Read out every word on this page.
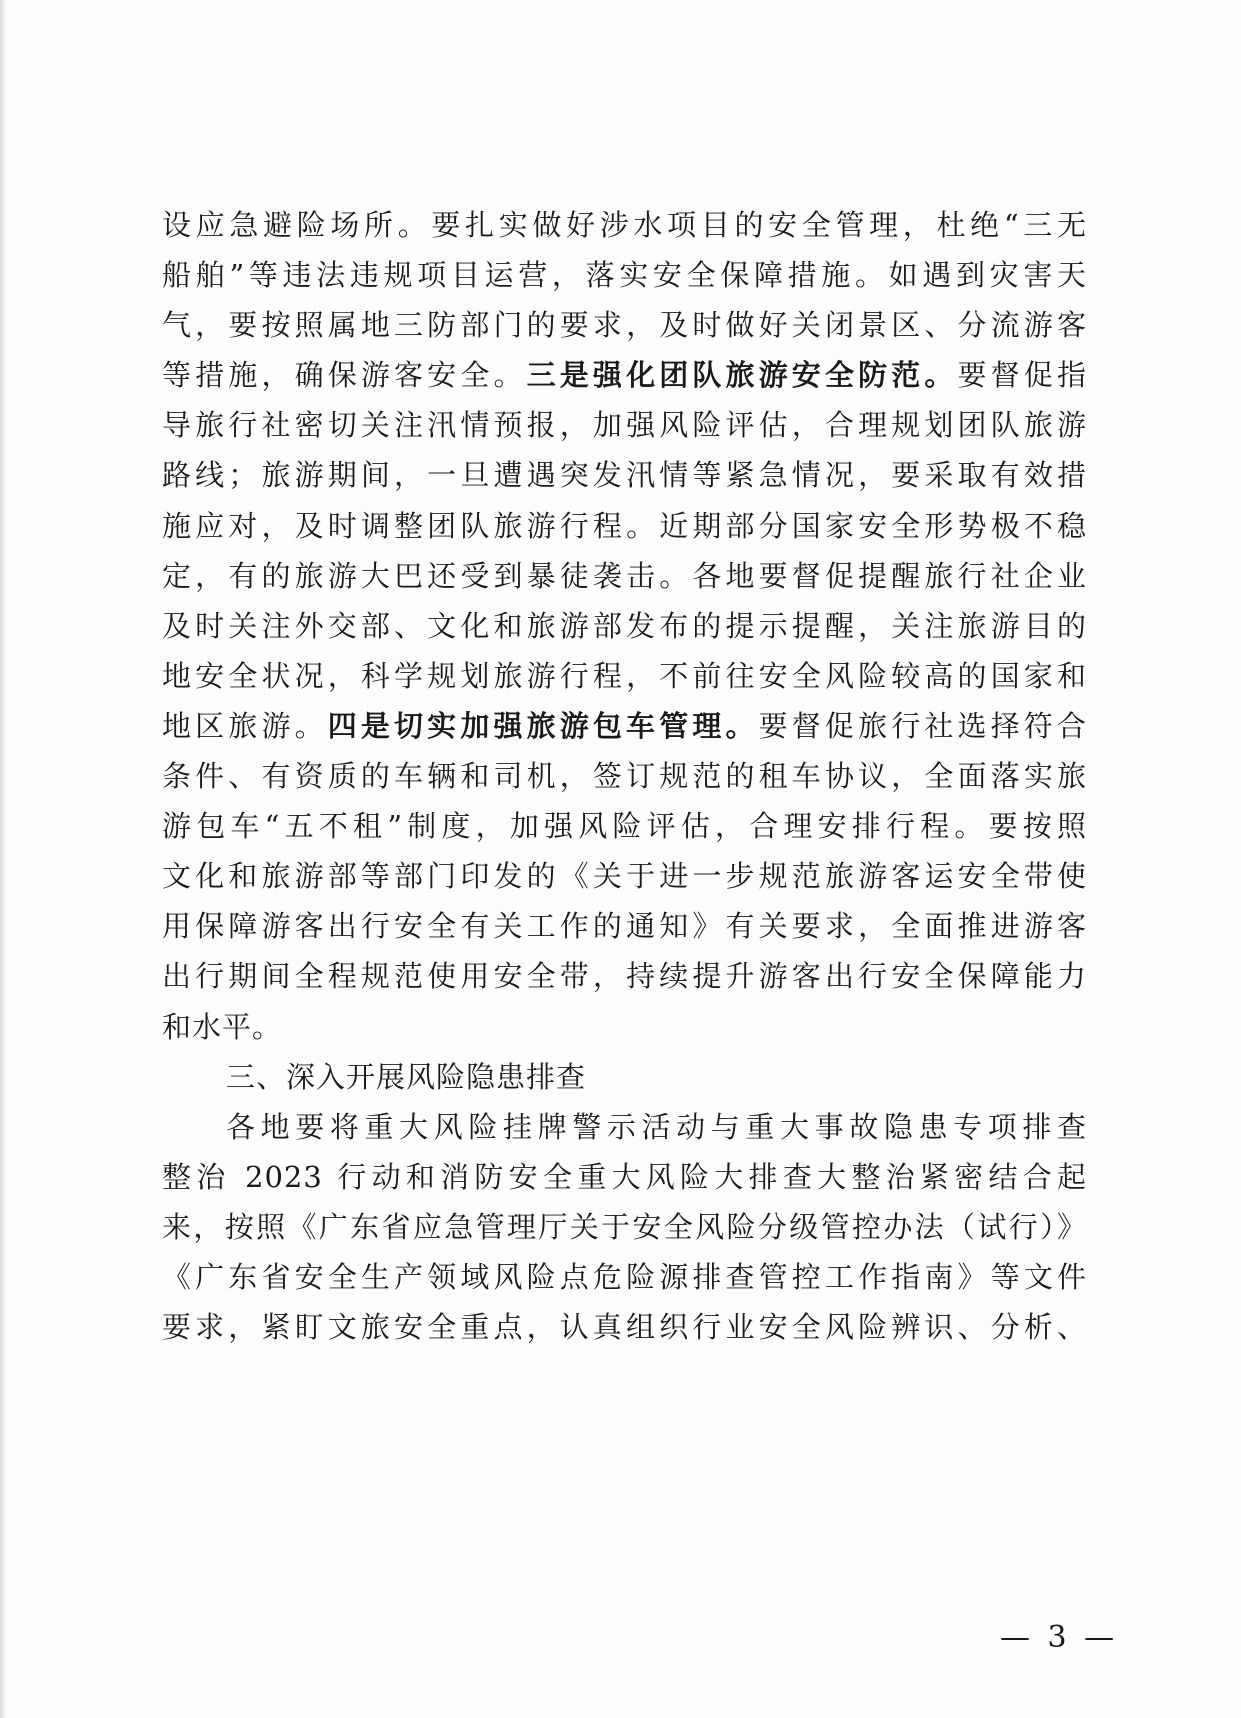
设应急避险场所。要扎实做好涉水项目的安全管理，杜绝“三无
船舶”等违法违规项目运营，落实安全保障措施。如遇到灾害天
气，要按照属地三防部门的要求，及时做好关闭景区、分流游客
等措施，确保游客安全。三是强化团队旅游安全防范。要督促指
导旅行社密切关注汛情预报，加强风险评估，合理规划团队旅游
路线；旅游期间，一旦遭遇突发汛情等紧急情况，要采取有效措
施应对，及时调整团队旅游行程。近期部分国家安全形势极不稳
定，有的旅游大巴还受到暴徒袭击。各地要督促提醒旅行社企业
及时关注外交部、文化和旅游部发布的提示提醒，关注旅游目的
地安全状况，科学规划旅游行程，不前往安全风险较高的国家和
地区旅游。四是切实加强旅游包车管理。要督促旅行社选择符合
条件、有资质的车辆和司机，签订规范的租车协议，全面落实旅
游包车“五不租”制度，加强风险评估，合理安排行程。要按照
文化和旅游部等部门印发的《关于进一步规范旅游客运安全带使
用保障游客出行安全有关工作的通知》有关要求，全面推进游客
出行期间全程规范使用安全带，持续提升游客出行安全保障能力
和水平。
三、深入开展风险隐患排查
各地要将重大风险挂牌警示活动与重大事故隐患专项排查
整治 2023 行动和消防安全重大风险大排查大整治紧密结合起
来，按照《广东省应急管理厅关于安全风险分级管控办法（试行）》
《广东省安全生产领域风险点危险源排查管控工作指南》等文件
要求，紧盯文旅安全重点，认真组织行业安全风险辨识、分析、
— 3 —
